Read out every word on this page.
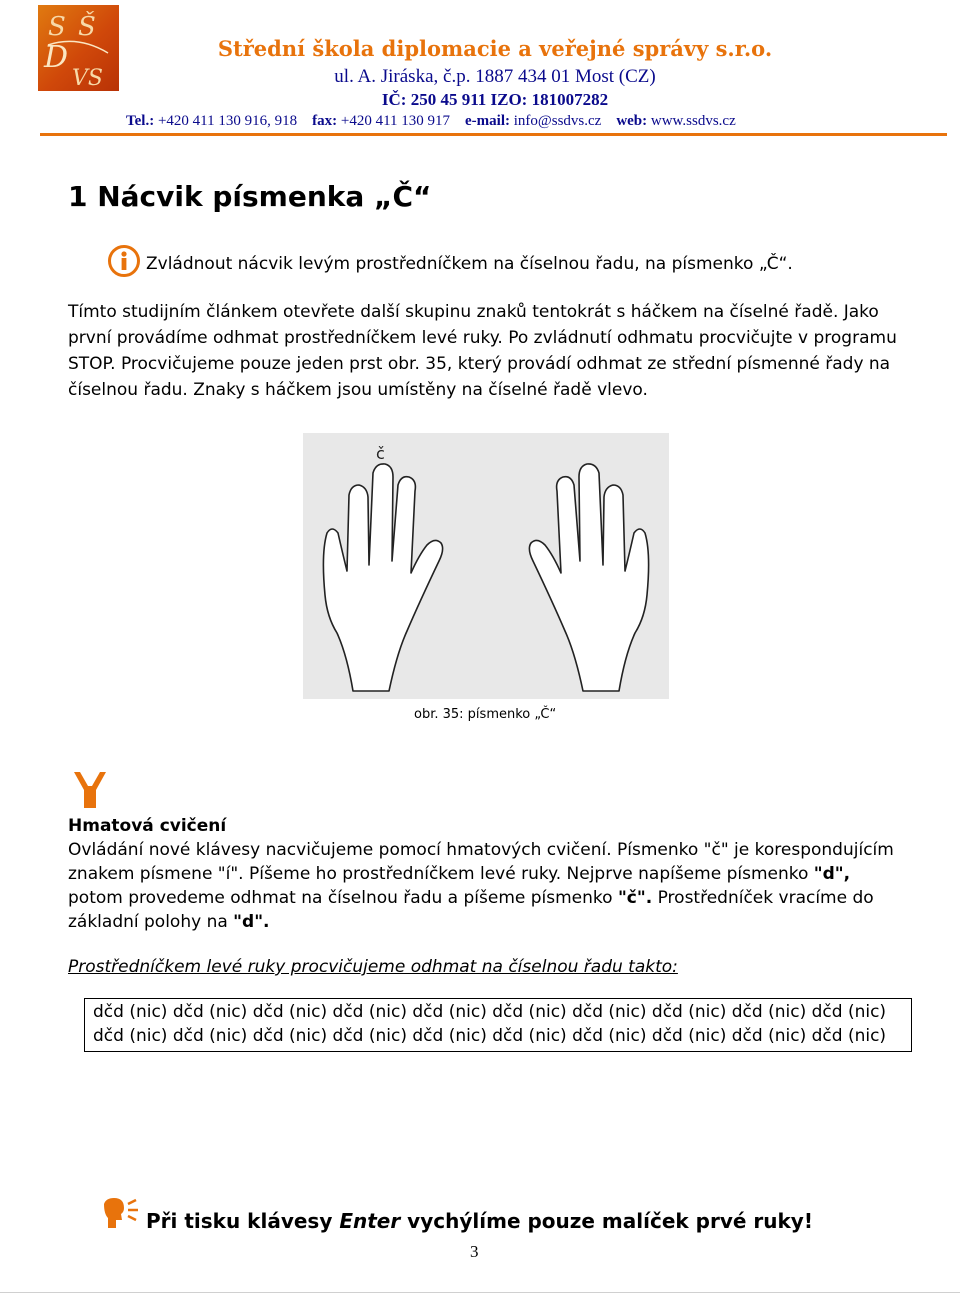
S Š
D
VS
Střední škola diplomacie a veřejné správy s.r.o.
ul. A. Jiráska, č.p. 1887 434 01 Most (CZ)
IČ: 250 45 911 IZO: 181007282
Tel.: +420 411 130 916, 918 fax: +420 411 130 917 e-mail: info@ssdvs.cz web: www.ssdvs.cz
1 Nácvik písmenka „Č“
Zvládnout nácvik levým prostředníčkem na číselnou řadu, na písmenko „Č“.
Tímto studijním článkem otevřete další skupinu znaků tentokrát s háčkem na číselné řadě. Jako
první provádíme odhmat prostředníčkem levé ruky. Po zvládnutí odhmatu procvičujte v programu
STOP. Procvičujeme pouze jeden prst obr. 35, který provádí odhmat ze střední písmenné řady na
číselnou řadu. Znaky s háčkem jsou umístěny na číselné řadě vlevo.
č
obr. 35: písmenko „Č“
Hmatová cvičení
Ovládání nové klávesy nacvičujeme pomocí hmatových cvičení. Písmenko "č" je korespondujícím
znakem písmene "í". Píšeme ho prostředníčkem levé ruky. Nejprve napíšeme písmenko "d",
potom provedeme odhmat na číselnou řadu a píšeme písmenko "č". Prostředníček vracíme do
základní polohy na "d".
Prostředníčkem levé ruky procvičujeme odhmat na číselnou řadu takto:
dčd (nic) dčd (nic) dčd (nic) dčd (nic) dčd (nic) dčd (nic) dčd (nic) dčd (nic) dčd (nic) dčd (nic)
dčd (nic) dčd (nic) dčd (nic) dčd (nic) dčd (nic) dčd (nic) dčd (nic) dčd (nic) dčd (nic) dčd (nic)
Při tisku klávesy Enter vychýlíme pouze malíček prvé ruky!
3
